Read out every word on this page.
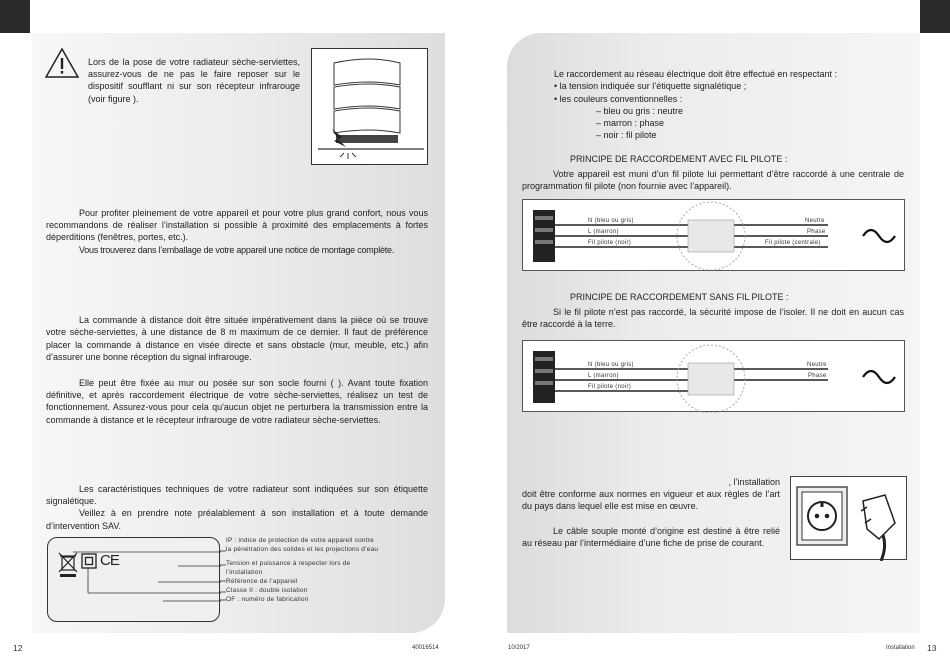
Lors de la pose de votre radiateur sèche-serviettes, assurez-vous de ne pas le faire reposer sur le dispositif soufflant ni sur son récepteur infrarouge (voir figure ).
Pour profiter pleinement de votre appareil et pour votre plus grand confort, nous vous recommandons de réaliser l’installation si possible à proximité des emplacements à fortes déperditions (fenêtres, portes, etc.).
Vous trouverez dans l’emballage de votre appareil une notice de montage complète.
La commande à distance doit être située impérativement dans la pièce où se trouve votre sèche-serviettes, à une distance de 8 m maximum de ce dernier. Il faut de préférence placer la commande à distance en visée directe et sans obstacle (mur, meuble, etc.) afin d’assurer une bonne réception du signal infrarouge.
Elle peut être fixée au mur ou posée sur son socle fourni ( ). Avant toute fixation définitive, et après raccordement électrique de votre sèche-serviettes, réalisez un test de fonctionnement. Assurez-vous pour cela qu'aucun objet ne perturbera la transmission entre la commande à distance et le récepteur infrarouge de votre radiateur sèche-serviettes.
Les caractéristiques techniques de votre radiateur sont indiquées sur son étiquette signalétique.
Veillez à en prendre note préalablement à son installation et à toute demande d’intervention SAV.
CE
IP : indice de protection de votre appareil contre
la pénétration des solides et les projections d’eau
Tension et puissance à respecter lors de
l’installation
Référence de l’appareil
Classe II : double isolation
OF : numéro de fabrication
12	40016514
Le raccordement au réseau électrique doit être effectué en respectant :
• la tension indiquée sur l’étiquette signalétique ;
• les couleurs conventionnelles :
– bleu ou gris : neutre
– marron : phase
– noir : fil pilote
PRINCIPE DE RACCORDEMENT AVEC FIL PILOTE :
Votre appareil est muni d’un fil pilote lui permettant d’être raccordé à une centrale de programmation fil pilote (non fournie avec l’appareil).
N (bleu ou gris)
L (marron)
Fil pilote (noir)
Neutre
Phase
Fil pilote (centrale)
PRINCIPE DE RACCORDEMENT SANS FIL PILOTE :
Si le fil pilote n’est pas raccordé, la sécurité impose de l’isoler. Il ne doit en aucun cas être raccordé à la terre.
N (bleu ou gris)
L (marron)
Fil pilote (noir)
Neutre
Phase
, l’installation
doit être conforme aux normes en vigueur et aux règles de l’art du pays dans lequel elle est mise en œuvre.
Le câble souple monté d’origine est destiné à être relié au réseau par l’intermédiaire d’une fiche de prise de courant.
10/2017	Installation 13
